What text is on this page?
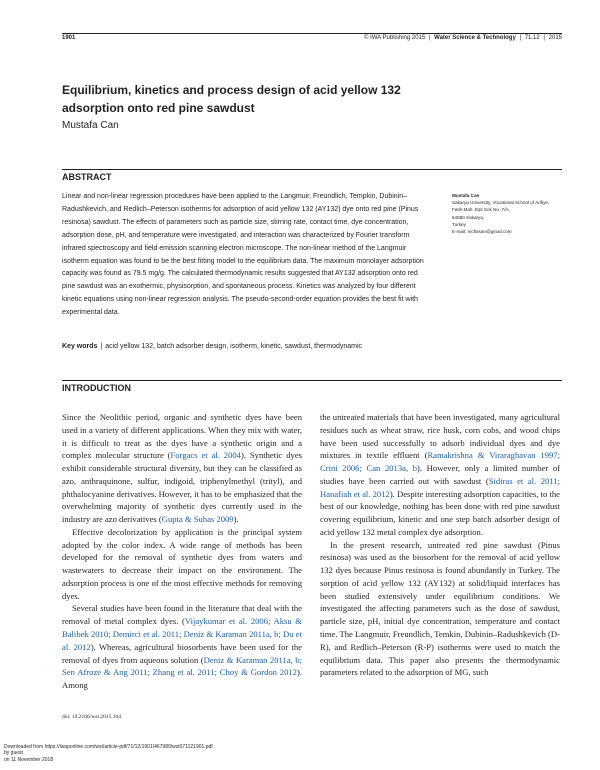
1901	© IWA Publishing 2015 | Water Science & Technology | 71.12 | 2015
Equilibrium, kinetics and process design of acid yellow 132 adsorption onto red pine sawdust
Mustafa Can
ABSTRACT
Linear and non-linear regression procedures have been applied to the Langmuir, Freundlich, Tempkin, Dubinin–Radushkevich, and Redlich–Peterson isotherms for adsorption of acid yellow 132 (AY132) dye onto red pine (Pinus resinosa) sawdust. The effects of parameters such as particle size, stirring rate, contact time, dye concentration, adsorption dose, pH, and temperature were investigated, and interaction was characterized by Fourier transform infrared spectroscopy and field emission scanning electron microscope. The non-linear method of the Langmuir isotherm equation was found to be the best fitting model to the equilibrium data. The maximum monolayer adsorption capacity was found as 79.5 mg/g. The calculated thermodynamic results suggested that AY132 adsorption onto red pine sawdust was an exothermic, physisorption, and spontaneous process. Kinetics was analyzed by four different kinetic equations using non-linear regression analysis. The pseudo-second-order equation provides the best fit with experimental data.
Key words | acid yellow 132, batch adsorber design, isotherm, kinetic, sawdust, thermodynamic
Mustafa Can
Sakarya University, Vocational School of Arifiye,
Fatih Mah. Eşit Sok No. 7/A,
54580 Sakarya,
Turkey
E-mail: mcflasan@gmail.com
INTRODUCTION

Since the Neolithic period, organic and synthetic dyes have been used in a variety of different applications. When they mix with water, it is difficult to treat as the dyes have a synthetic origin and a complex molecular structure (Forgacs et al. 2004). Synthetic dyes exhibit considerable structural diversity, but they can be classified as azo, anthraquinone, sulfur, indigoid, triphenylmethyl (trityl), and phthalocyanine derivatives. However, it has to be emphasized that the overwhelming majority of synthetic dyes currently used in the industry are azo derivatives (Gupta & Suhas 2009).

Effective decolorization by application is the principal system adopted by the color index. A wide range of methods has been developed for the removal of synthetic dyes from waters and wastewaters to decrease their impact on the environment. The adsorption process is one of the most effective methods for removing dyes.

Several studies have been found in the literature that deal with the removal of metal complex dyes. (Vijaykumar et al. 2006; Aksu & Balibek 2010; Demirci et al. 2011; Deniz & Karaman 2011a, b; Du et al. 2012). Whereas, agricultural biosorbents have been used for the removal of dyes from aqueous solution (Deniz & Karaman 2011a, b; Sen Afroze & Ang 2011; Zhang et al. 2011; Choy & Gordon 2012). Among

the untreated materials that have been investigated, many agricultural residues such as wheat straw, rice husk, corn cobs, and wood chips have been used successfully to adsorb individual dyes and dye mixtures in textile effluent (Ramakrishna & Viraraghavan 1997; Crini 2006; Can 2013a, b). However, only a limited number of studies have been carried out with sawdust (Sidiras et al. 2011; Hanafiah et al. 2012). Despite interesting adsorption capacities, to the best of our knowledge, nothing has been done with red pine sawdust covering equilibrium, kinetic and one step batch adsorber design of acid yellow 132 metal complex dye adsorption.

In the present research, untreated red pine sawdust (Pinus resinosa) was used as the biosorbent for the removal of acid yellow 132 dyes because Pinus resinosa is found abundantly in Turkey. The sorption of acid yellow 132 (AY132) at solid/liquid interfaces has been studied extensively under equilibrium conditions. We investigated the affecting parameters such as the dose of sawdust, particle size, pH, initial dye concentration, temperature and contact time. The Langmuir, Freundlich, Temkin, Dubinin–Radushkevich (D-R), and Redlich–Peterson (R-P) isotherms were used to match the equilibrium data. This paper also presents the thermodynamic parameters related to the adsorption of MG, such

doi: 10.2166/wst.2015.164
Downloaded from https://iwaponline.com/wst/article-pdf/71/12/1901/467980/wst071121901.pdf
by guest
on 11 November 2018
